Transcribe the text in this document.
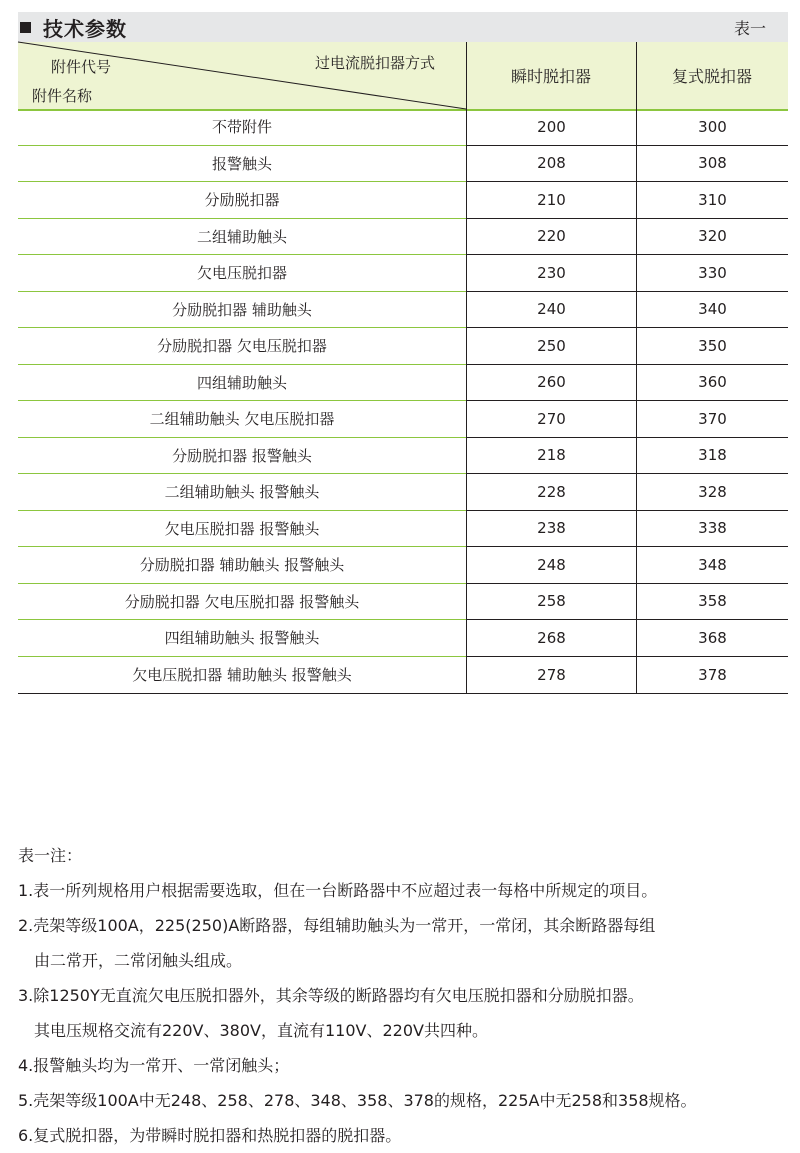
技术参数	表一
过电流脱扣器方式
附件代号
附件名称
瞬时脱扣器	复式脱扣器
不带附件	200	300
报警触头	208	308
分励脱扣器	210	310
二组辅助触头	220	320
欠电压脱扣器	230	330
分励脱扣器 辅助触头	240	340
分励脱扣器 欠电压脱扣器	250	350
四组辅助触头	260	360
二组辅助触头 欠电压脱扣器	270	370
分励脱扣器 报警触头	218	318
二组辅助触头 报警触头	228	328
欠电压脱扣器 报警触头	238	338
分励脱扣器 辅助触头 报警触头	248	348
分励脱扣器 欠电压脱扣器 报警触头	258	358
四组辅助触头 报警触头	268	368
欠电压脱扣器 辅助触头 报警触头	278	378

表一注：

1.表一所列规格用户根据需要选取，但在一台断路器中不应超过表一每格中所规定的项目。

2.壳架等级100A，225(250)A断路器，每组辅助触头为一常开，一常闭，其余断路器每组

由二常开，二常闭触头组成。

3.除1250Y无直流欠电压脱扣器外，其余等级的断路器均有欠电压脱扣器和分励脱扣器。

其电压规格交流有220V、380V，直流有110V、220V共四种。

4.报警触头均为一常开、一常闭触头；

5.壳架等级100A中无248、258、278、348、358、378的规格，225A中无258和358规格。

6.复式脱扣器，为带瞬时脱扣器和热脱扣器的脱扣器。
